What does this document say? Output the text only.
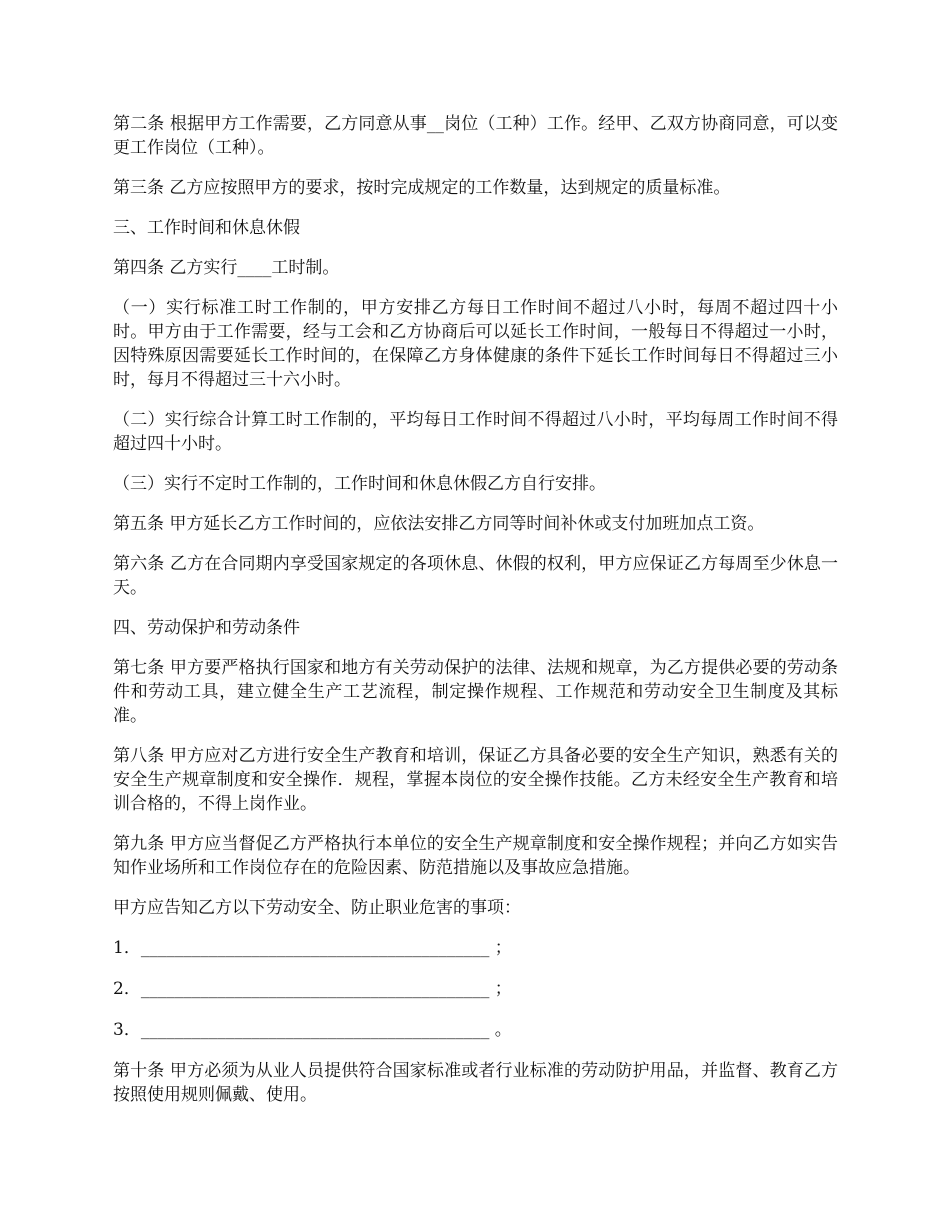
第二条 根据甲方工作需要，乙方同意从事__岗位（工种）工作。经甲、乙双方协商同意，可以变更工作岗位（工种）。

第三条 乙方应按照甲方的要求，按时完成规定的工作数量，达到规定的质量标准。

三、工作时间和休息休假

第四条 乙方实行____工时制。

（一）实行标准工时工作制的，甲方安排乙方每日工作时间不超过八小时，每周不超过四十小时。甲方由于工作需要，经与工会和乙方协商后可以延长工作时间，一般每日不得超过一小时，因特殊原因需要延长工作时间的，在保障乙方身体健康的条件下延长工作时间每日不得超过三小时，每月不得超过三十六小时。

（二）实行综合计算工时工作制的，平均每日工作时间不得超过八小时，平均每周工作时间不得超过四十小时。

（三）实行不定时工作制的，工作时间和休息休假乙方自行安排。

第五条 甲方延长乙方工作时间的，应依法安排乙方同等时间补休或支付加班加点工资。

第六条 乙方在合同期内享受国家规定的各项休息、休假的权利，甲方应保证乙方每周至少休息一天。

四、劳动保护和劳动条件

第七条 甲方要严格执行国家和地方有关劳动保护的法律、法规和规章，为乙方提供必要的劳动条件和劳动工具，建立健全生产工艺流程，制定操作规程、工作规范和劳动安全卫生制度及其标准。

第八条 甲方应对乙方进行安全生产教育和培训，保证乙方具备必要的安全生产知识，熟悉有关的安全生产规章制度和安全操作．规程，掌握本岗位的安全操作技能。乙方未经安全生产教育和培训合格的，不得上岗作业。

第九条 甲方应当督促乙方严格执行本单位的安全生产规章制度和安全操作规程；并向乙方如实告知作业场所和工作岗位存在的危险因素、防范措施以及事故应急措施。

甲方应告知乙方以下劳动安全、防止职业危害的事项：

1．_________________________________________ ；
2．_________________________________________ ；
3．_________________________________________ 。

第十条 甲方必须为从业人员提供符合国家标准或者行业标准的劳动防护用品，并监督、教育乙方按照使用规则佩戴、使用。
